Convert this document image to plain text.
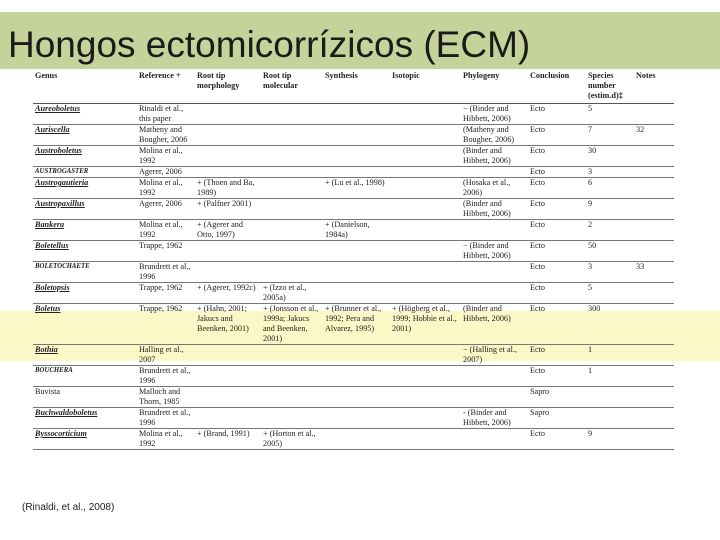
Hongos ectomicorrízicos (ECM)
Genus	Reference +	Root tip morphology	Root tip molecular	Synthesis	Isotopic	Phylogeny	Conclusion	Species number (estim.d)‡	Notes
Aureoboletus	Rinaldi et al., this paper					− (Binder and Hibbett, 2006)	Ecto	5	
Auriscella	Matheny and Bougher, 2006					(Matheny and Bougher, 2006)	Ecto	7	32
Austroboletus	Molina et al., 1992					(Binder and Hibbett, 2006)	Ecto	30	
AUSTROGASTER	Agerer, 2006						Ecto	3	
Austrogautieria	Molina et al., 1992	+ (Thoen and Ba, 1989)		+ (Lu et al., 1998)		(Hosaka et al., 2006)	Ecto	6	
Austropaxillus	Agerer, 2006	+ (Palfner 2001)				(Binder and Hibbett, 2006)	Ecto	9	
Bankera	Molina et al., 1992	+ (Agerer and Otto, 1997)		+ (Danielson, 1984a)			Ecto	2	
Boletellus	Trappe, 1962					− (Binder and Hibbett, 2006)	Ecto	50	
BOLETOCHAETE	Brundrett et al., 1996						Ecto	3	33
Boletopsis	Trappe, 1962	+ (Agerer, 1992c)	+ (Izzo et al., 2005a)				Ecto	5	
Boletus	Trappe, 1962	+ (Hahn, 2001; Jakucs and Beenken, 2001)	+ (Jonsson et al., 1999a; Jakucs and Beenken, 2001)	+ (Brunner et al., 1992; Pera and Alvarez, 1995)	+ (Högberg et al., 1999; Hobbie et al., 2001)	(Binder and Hibbett, 2006)	Ecto	300	
Bothia	Halling et al., 2007					− (Halling et al., 2007)	Ecto	1	
BOUCHERA	Brundrett et al., 1996						Ecto	1	
Buvista	Malloch and Thorn, 1985						Sapro		
Buchwaldoboletus	Brundrett et al., 1996					- (Binder and Hibbett, 2006)	Sapro		
Byssocorticium	Molina et al., 1992	+ (Brand, 1991)	+ (Horton et al., 2005)				Ecto	9	
(Rinaldi, et al., 2008)
